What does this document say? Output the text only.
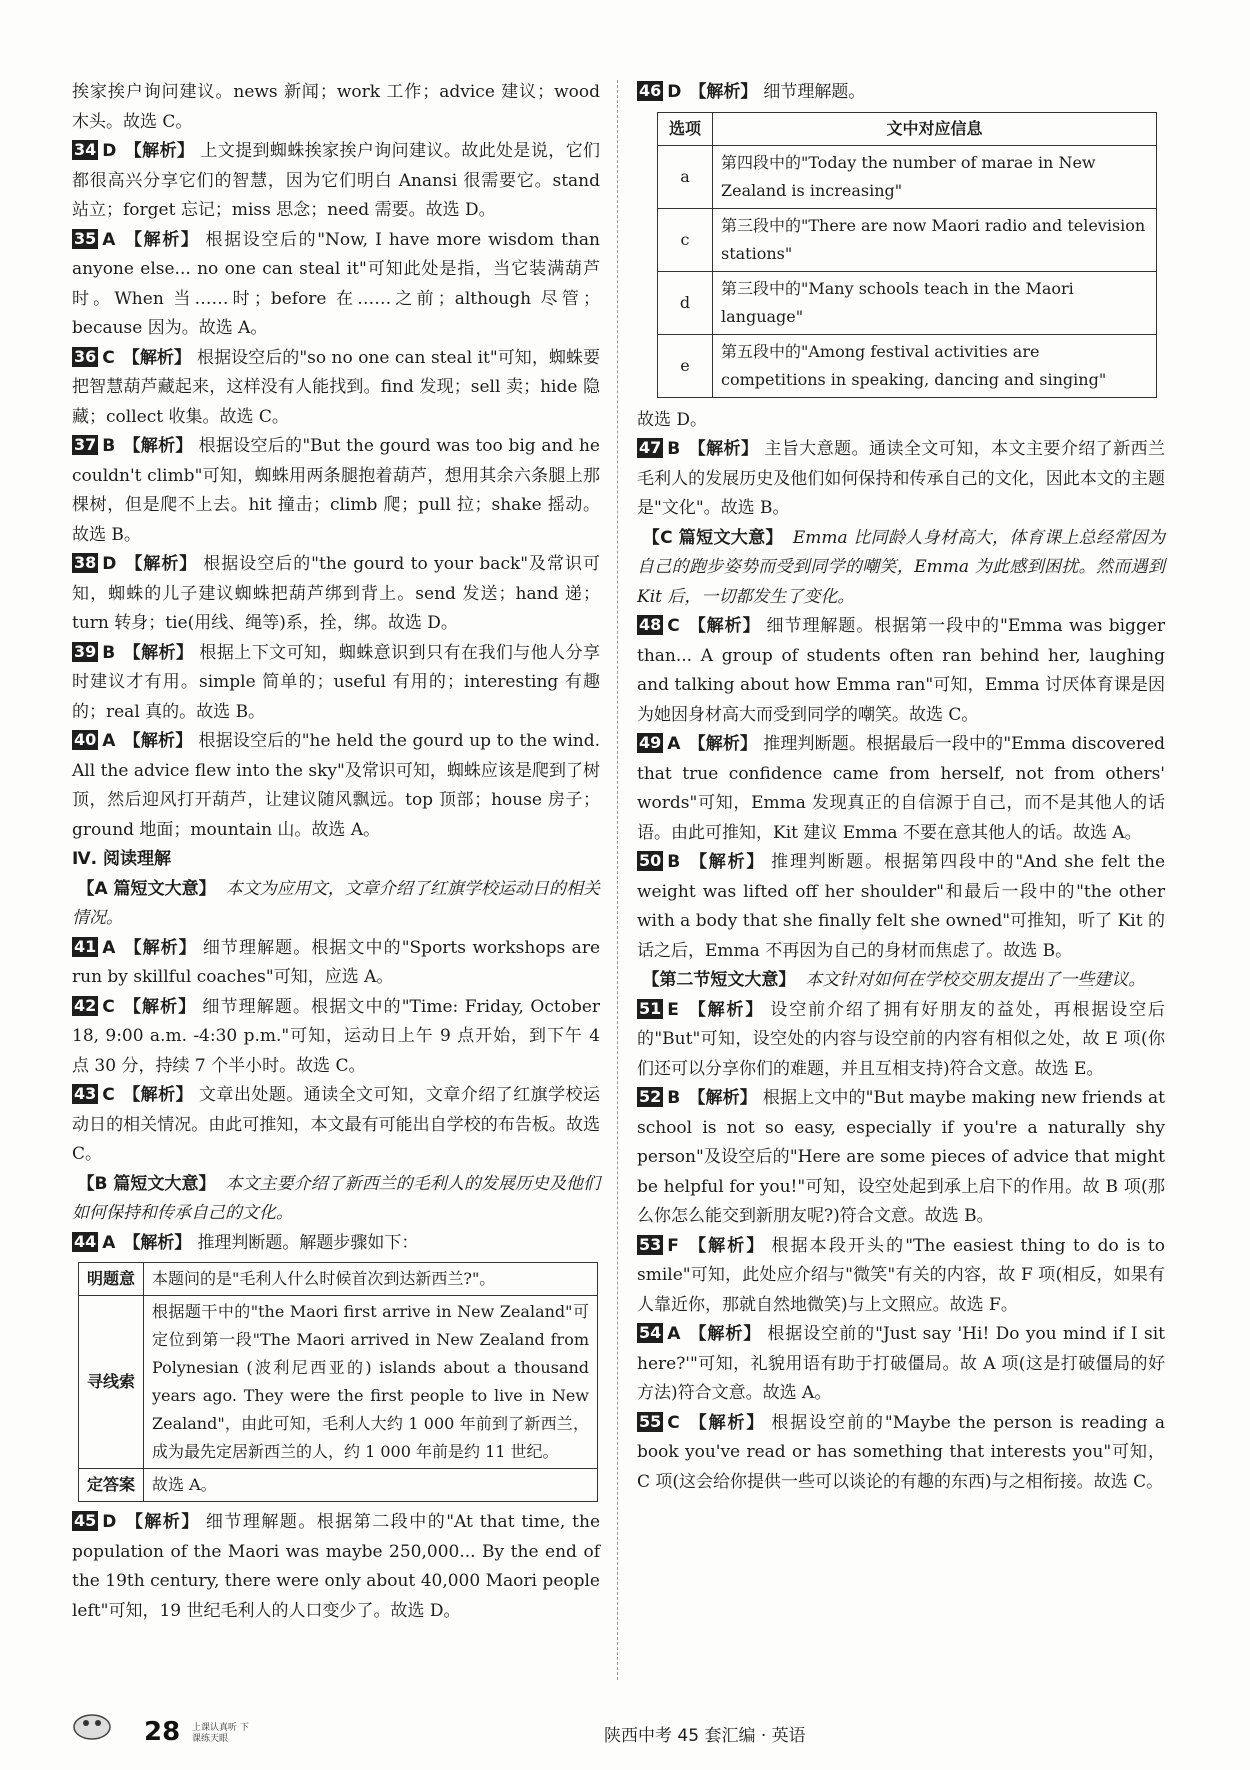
挨家挨户询问建议。news 新闻；work 工作；advice 建议；wood 木头。故选 C。

34 D 【解析】 上文提到蜘蛛挨家挨户询问建议。故此处是说，它们都很高兴分享它们的智慧，因为它们明白 Anansi 很需要它。stand 站立；forget 忘记；miss 思念；need 需要。故选 D。

35 A 【解析】 根据设空后的"Now, I have more wisdom than anyone else... no one can steal it"可知此处是指，当它装满葫芦时。When 当……时；before 在……之前；although 尽管；because 因为。故选 A。

36 C 【解析】 根据设空后的"so no one can steal it"可知，蜘蛛要把智慧葫芦藏起来，这样没有人能找到。find 发现；sell 卖；hide 隐藏；collect 收集。故选 C。

37 B 【解析】 根据设空后的"But the gourd was too big and he couldn't climb"可知，蜘蛛用两条腿抱着葫芦，想用其余六条腿上那棵树，但是爬不上去。hit 撞击；climb 爬；pull 拉；shake 摇动。故选 B。

38 D 【解析】 根据设空后的"the gourd to your back"及常识可知，蜘蛛的儿子建议蜘蛛把葫芦绑到背上。send 发送；hand 递；turn 转身；tie(用线、绳等)系，拴，绑。故选 D。

39 B 【解析】 根据上下文可知，蜘蛛意识到只有在我们与他人分享时建议才有用。simple 简单的；useful 有用的；interesting 有趣的；real 真的。故选 B。

40 A 【解析】 根据设空后的"he held the gourd up to the wind. All the advice flew into the sky"及常识可知，蜘蛛应该是爬到了树顶，然后迎风打开葫芦，让建议随风飘远。top 顶部；house 房子；ground 地面；mountain 山。故选 A。

Ⅳ. 阅读理解

【A 篇短文大意】 本文为应用文，文章介绍了红旗学校运动日的相关情况。

41 A 【解析】 细节理解题。根据文中的"Sports workshops are run by skillful coaches"可知，应选 A。

42 C 【解析】 细节理解题。根据文中的"Time: Friday, October 18, 9:00 a.m. -4:30 p.m."可知，运动日上午 9 点开始，到下午 4 点 30 分，持续 7 个半小时。故选 C。

43 C 【解析】 文章出处题。通读全文可知，文章介绍了红旗学校运动日的相关情况。由此可推知，本文最有可能出自学校的布告板。故选 C。

【B 篇短文大意】 本文主要介绍了新西兰的毛利人的发展历史及他们如何保持和传承自己的文化。

44 A 【解析】 推理判断题。解题步骤如下：

明题意	本题问的是"毛利人什么时候首次到达新西兰?"。
寻线索	根据题干中的"the Maori first arrive in New Zealand"可定位到第一段"The Maori arrived in New Zealand from Polynesian (波利尼西亚的) islands about a thousand years ago. They were the first people to live in New Zealand"，由此可知，毛利人大约 1 000 年前到了新西兰，成为最先定居新西兰的人，约 1 000 年前是约 11 世纪。
定答案	故选 A。

45 D 【解析】 细节理解题。根据第二段中的"At that time, the population of the Maori was maybe 250,000... By the end of the 19th century, there were only about 40,000 Maori people left"可知，19 世纪毛利人的人口变少了。故选 D。

46 D 【解析】 细节理解题。

选项	文中对应信息
a	第四段中的"Today the number of marae in New Zealand is increasing"
c	第三段中的"There are now Maori radio and television stations"
d	第三段中的"Many schools teach in the Maori language"
e	第五段中的"Among festival activities are competitions in speaking, dancing and singing"

故选 D。

47 B 【解析】 主旨大意题。通读全文可知，本文主要介绍了新西兰毛利人的发展历史及他们如何保持和传承自己的文化，因此本文的主题是"文化"。故选 B。

【C 篇短文大意】 Emma 比同龄人身材高大，体育课上总经常因为自己的跑步姿势而受到同学的嘲笑，Emma 为此感到困扰。然而遇到 Kit 后，一切都发生了变化。

48 C 【解析】 细节理解题。根据第一段中的"Emma was bigger than... A group of students often ran behind her, laughing and talking about how Emma ran"可知，Emma 讨厌体育课是因为她因身材高大而受到同学的嘲笑。故选 C。

49 A 【解析】 推理判断题。根据最后一段中的"Emma discovered that true confidence came from herself, not from others' words"可知，Emma 发现真正的自信源于自己，而不是其他人的话语。由此可推知，Kit 建议 Emma 不要在意其他人的话。故选 A。

50 B 【解析】 推理判断题。根据第四段中的"And she felt the weight was lifted off her shoulder"和最后一段中的"the other with a body that she finally felt she owned"可推知，听了 Kit 的话之后，Emma 不再因为自己的身材而焦虑了。故选 B。

【第二节短文大意】 本文针对如何在学校交朋友提出了一些建议。

51 E 【解析】 设空前介绍了拥有好朋友的益处，再根据设空后的"But"可知，设空处的内容与设空前的内容有相似之处，故 E 项(你们还可以分享你们的难题，并且互相支持)符合文意。故选 E。

52 B 【解析】 根据上文中的"But maybe making new friends at school is not so easy, especially if you're a naturally shy person"及设空后的"Here are some pieces of advice that might be helpful for you!"可知，设空处起到承上启下的作用。故 B 项(那么你怎么能交到新朋友呢?)符合文意。故选 B。

53 F 【解析】 根据本段开头的"The easiest thing to do is to smile"可知，此处应介绍与"微笑"有关的内容，故 F 项(相反，如果有人靠近你，那就自然地微笑)与上文照应。故选 F。

54 A 【解析】 根据设空前的"Just say 'Hi! Do you mind if I sit here?'"可知，礼貌用语有助于打破僵局。故 A 项(这是打破僵局的好方法)符合文意。故选 A。

55 C 【解析】 根据设空前的"Maybe the person is reading a book you've read or has something that interests you"可知，C 项(这会给你提供一些可以谈论的有趣的东西)与之相衔接。故选 C。

28 上课认真听 下课练天眼	陕西中考 45 套汇编 · 英语
